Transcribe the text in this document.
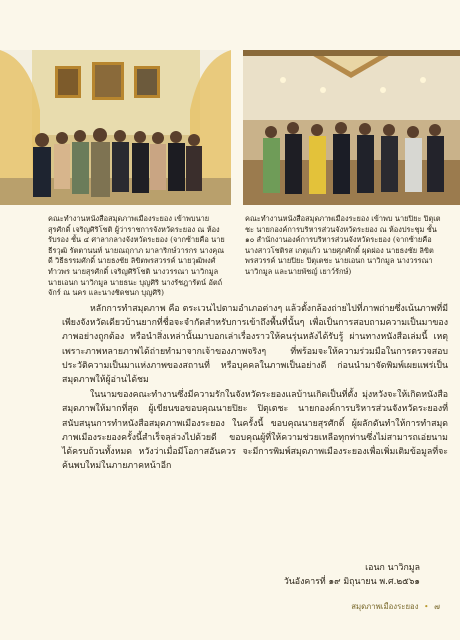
คณะทำงานหนังสือสมุดภาพเมืองระยอง เข้าพบนายสุรศักดิ์ เจริญศิริโชติ ผู้ว่าราชการจังหวัดระยอง ณ ห้องรับรอง ชั้น ๔ ศาลากลางจังหวัดระยอง (จากซ้ายคือ นายธีรวุฒิ รัตตานนท์ นายณฤกาภ มาลาริกษ์วารกร นางคุณดี วิธีธรรมศักดิ์ นายธงชัย ลิขิตพรสวรรค์ นายวุฒิพงศ์ ทำวพร นายสุรศักดิ์ เจริญศิริโชติ นางวรรณา นาวิกมูล นายเอนก นาวิกมูล นายธนะ บุญศิริ นางรัชฎารัตน์ อัตถ์จักร์ ณ นคร และนางชิดชนก บุญศิริ)

คณะทำงานหนังสือสมุดภาพเมืองระยอง เข้าพบ นายปิยะ ปิตุเตชะ นายกองค์การบริหารส่วนจังหวัดระยอง ณ ห้องประชุม ชั้น ๑๐ สำนักงานองค์การบริหารส่วนจังหวัดระยอง (จากซ้ายคือ นางสาวโชติรส เกตุแก้ว นายศุภศักดิ์ ผุดผ่อง นายธงชัย ลิขิตพรสวรรค์ นายปิยะ ปิตุเตชะ นายเอนก นาวิกมูล นางวรรณา นาวิกมูล และนายพัชญ์ เยาว์รักษ์)

หลักการทำสมุดภาพ คือ ตระเวนไปตามอำเภอต่างๆ แล้วตั้งกล้องถ่ายไปที่ภาพถ่ายซึ่งเน้นภาพที่มีเพียงจังหวัดเดียวบ้านยากที่ชื่อจะจำกัดสำหรับการเข้าถึงพื้นที่นั้นๆ เพื่อเป็นการสอบถามความเป็นมาของภาพอย่างถูกต้อง หรือนำสิ่งเหล่านั้นมาบอกเล่าเรื่องราวให้คนรุ่นหลังได้รับรู้ ผ่านทางหนังสือเล่มนี้ เหตุเพราะภาพหลายภาพได้ถ่ายทำมาจากเจ้าของภาพจริงๆ ที่พร้อมจะให้ความร่วมมือในการตรวจสอบประวัติความเป็นมาแห่งภาพของสถานที่ หรือบุคคลในภาพเป็นอย่างดี ก่อนนำมาจัดพิมพ์เผยแพร่เป็นสมุดภาพให้ผู้อ่านได้ชม

ในนามของคณะทำงานซึ่งมีความรักในจังหวัดระยองแลบ้านเกิดเป็นที่ตั้ง มุ่งหวังจะให้เกิดหนังสือสมุดภาพให้มากที่สุด ผู้เขียนขอขอบคุณนายปิยะ ปิตุเตชะ นายกองค์การบริหารส่วนจังหวัดระยองที่สนับสนุนการทำหนังสือสมุดภาพเมืองระยอง ในครั้งนี้ ขอบคุณนายสุรศักดิ์ ผู้ผลักดันทำให้การทำสมุดภาพเมืองระยองครั้งนี้สำเร็จลุล่วงไปด้วยดี ขอบคุณผู้ที่ให้ความช่วยเหลือทุกท่านซึ่งไม่สามารถเอ่ยนามได้ครบถ้วนทั้งหมด หวังว่าเมื่อมีโอกาสอันควร จะมีการพิมพ์สมุดภาพเมืองระยองเพื่อเพิ่มเติมข้อมูลที่จะค้นพบใหม่ในภายภาคหน้าอีก

เอนก นาวิกมูล
วันอังคารที่ ๑๙ มิถุนายน พ.ศ.๒๕๖๑
สมุดภาพเมืองระยอง • ๗
